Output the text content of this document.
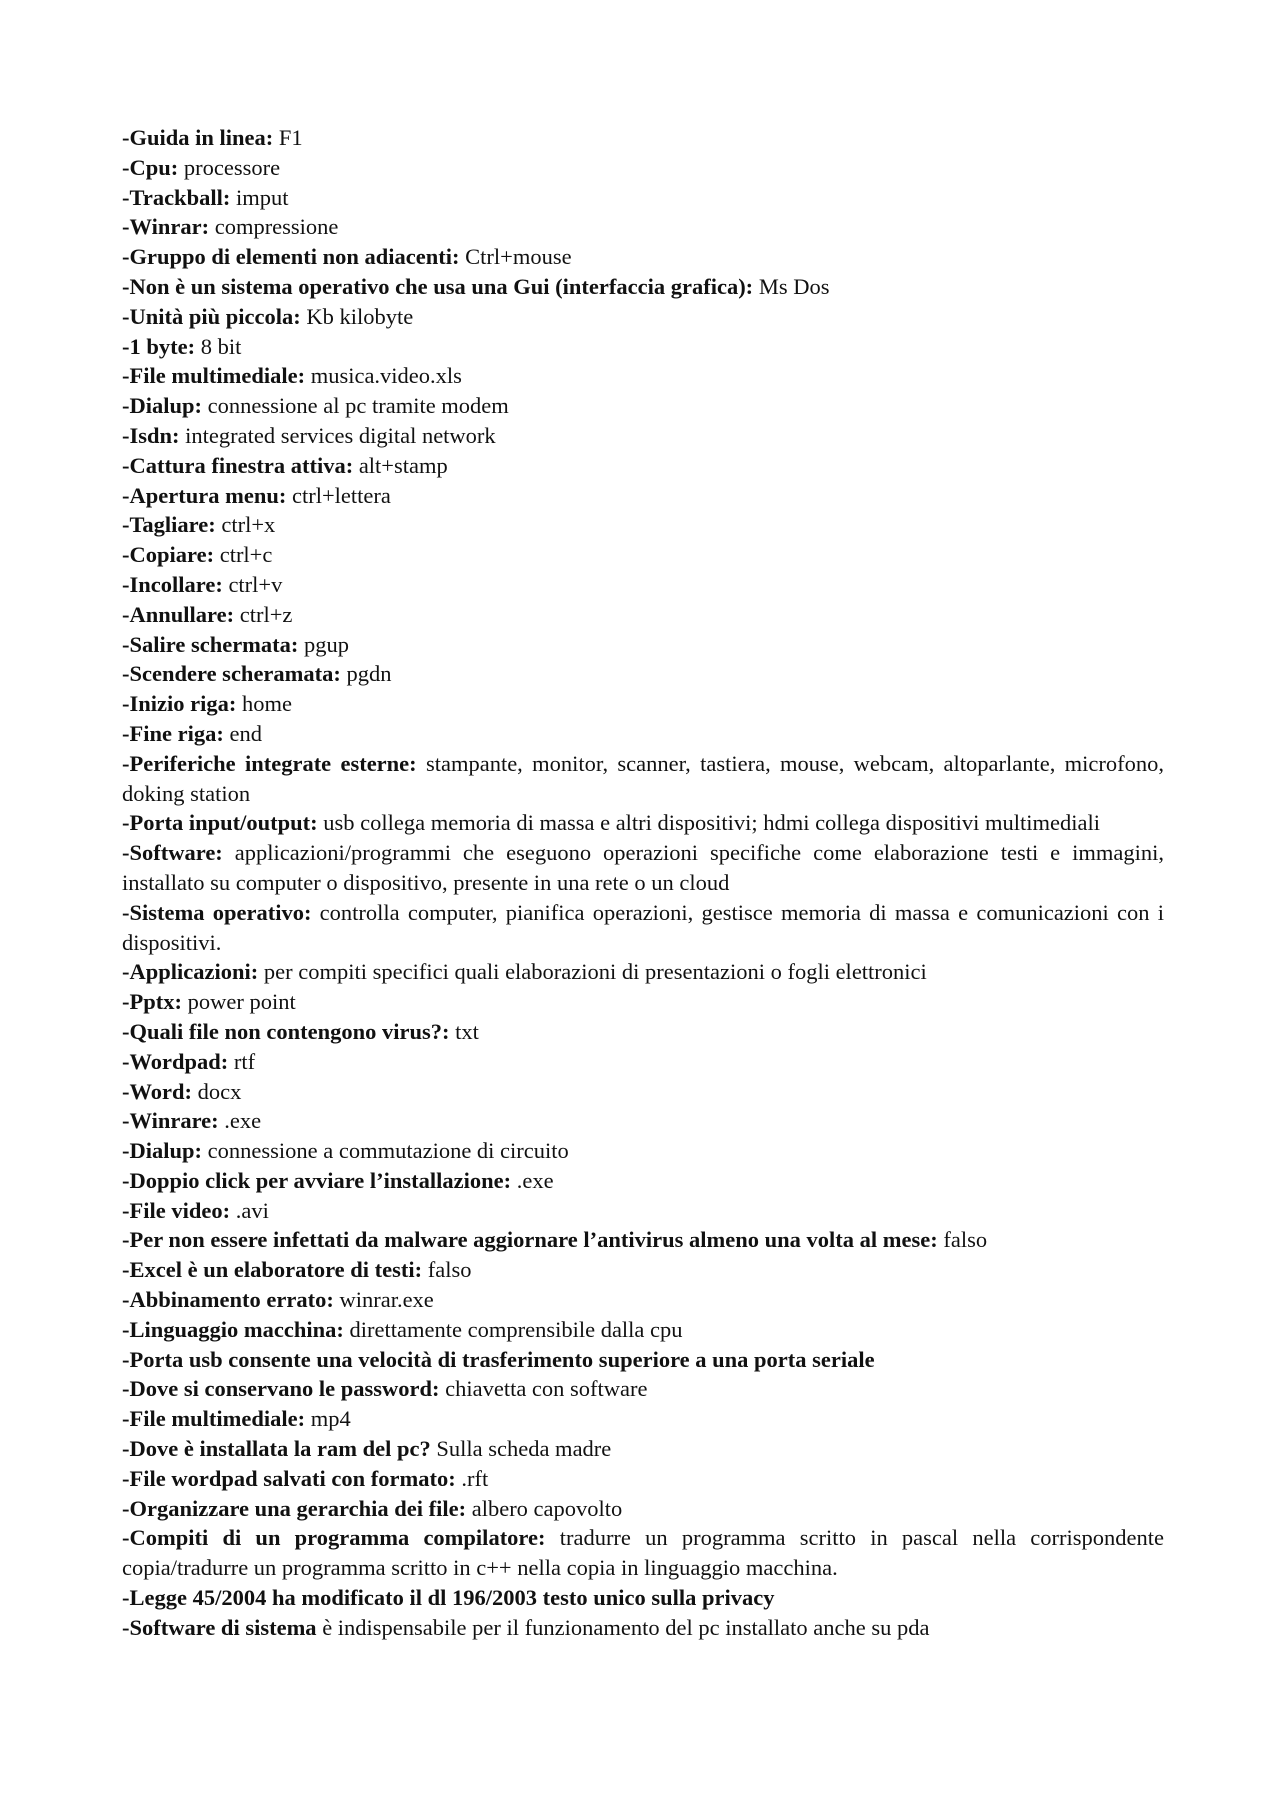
-Guida in linea: F1

-Cpu: processore

-Trackball: imput

-Winrar: compressione

-Gruppo di elementi non adiacenti: Ctrl+mouse

-Non è un sistema operativo che usa una Gui (interfaccia grafica): Ms Dos

-Unità più piccola: Kb kilobyte

-1 byte: 8 bit

-File multimediale: musica.video.xls

-Dialup: connessione al pc tramite modem

-Isdn: integrated services digital network

-Cattura finestra attiva: alt+stamp

-Apertura menu: ctrl+lettera

-Tagliare: ctrl+x

-Copiare: ctrl+c

-Incollare: ctrl+v

-Annullare: ctrl+z

-Salire schermata: pgup

-Scendere scheramata: pgdn

-Inizio riga: home

-Fine riga: end

-Periferiche integrate esterne: stampante, monitor, scanner, tastiera, mouse, webcam, altoparlante, microfono, doking station

-Porta input/output: usb collega memoria di massa e altri dispositivi; hdmi collega dispositivi multimediali

-Software: applicazioni/programmi che eseguono operazioni specifiche come elaborazione testi e immagini, installato su computer o dispositivo, presente in una rete o un cloud

-Sistema operativo: controlla computer, pianifica operazioni, gestisce memoria di massa e comunicazioni con i dispositivi.

-Applicazioni: per compiti specifici quali elaborazioni di presentazioni o fogli elettronici

-Pptx: power point

-Quali file non contengono virus?: txt

-Wordpad: rtf

-Word: docx

-Winrare: .exe

-Dialup: connessione a commutazione di circuito

-Doppio click per avviare l’installazione: .exe

-File video: .avi

-Per non essere infettati da malware aggiornare l’antivirus almeno una volta al mese: falso

-Excel è un elaboratore di testi: falso

-Abbinamento errato: winrar.exe

-Linguaggio macchina: direttamente comprensibile dalla cpu

-Porta usb consente una velocità di trasferimento superiore a una porta seriale

-Dove si conservano le password: chiavetta con software

-File multimediale: mp4

-Dove è installata la ram del pc? Sulla scheda madre

-File wordpad salvati con formato: .rft

-Organizzare una gerarchia dei file: albero capovolto

-Compiti di un programma compilatore: tradurre un programma scritto in pascal nella corrispondente copia/tradurre un programma scritto in c++ nella copia in linguaggio macchina.

-Legge 45/2004 ha modificato il dl 196/2003 testo unico sulla privacy

-Software di sistema è indispensabile per il funzionamento del pc installato anche su pda
